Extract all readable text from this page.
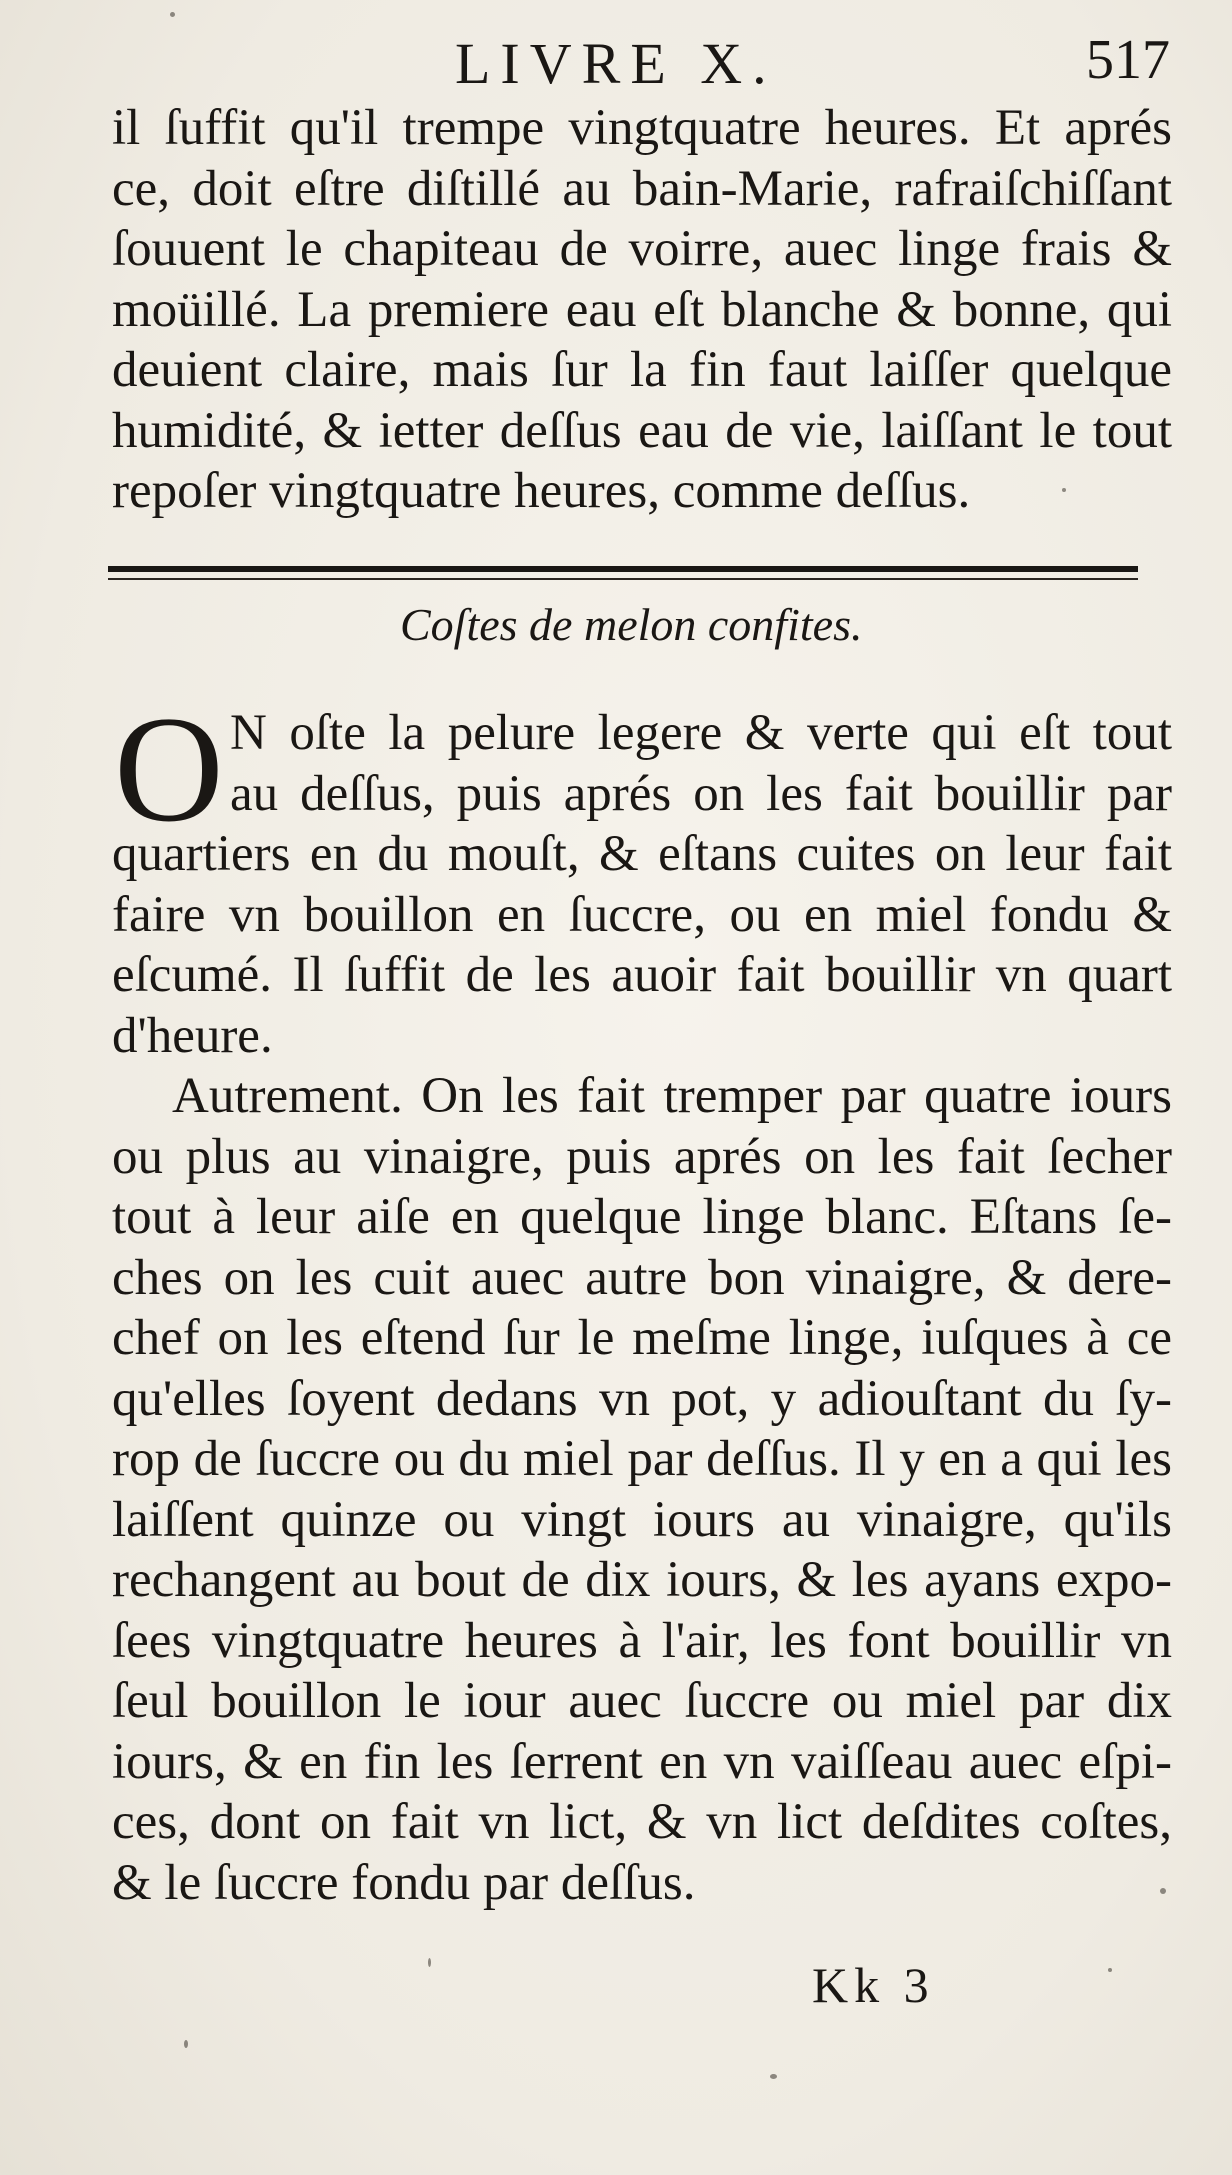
LIVRE X.	517
il ſuffit qu'il trempe vingtquatre heures. Et aprés
ce, doit eſtre diſtillé au bain-Marie, rafraiſchiſſant
ſouuent le chapiteau de voirre, auec linge frais &
moüillé. La premiere eau eſt blanche & bonne, qui
deuient claire, mais ſur la fin faut laiſſer quelque
humidité, & ietter deſſus eau de vie, laiſſant le tout
repoſer vingtquatre heures, comme deſſus.
Coſtes de melon confites.
O N oſte la pelure legere & verte qui eſt tout
au deſſus, puis aprés on les fait bouillir par
quartiers en du mouſt, & eſtans cuites on leur fait
faire vn bouillon en ſuccre, ou en miel fondu &
eſcumé. Il ſuffit de les auoir fait bouillir vn quart
d'heure.
Autrement. On les fait tremper par quatre iours
ou plus au vinaigre, puis aprés on les fait ſecher
tout à leur aiſe en quelque linge blanc. Eſtans ſe-
ches on les cuit auec autre bon vinaigre, & dere-
chef on les eſtend ſur le meſme linge, iuſques à ce
qu'elles ſoyent dedans vn pot, y adiouſtant du ſy-
rop de ſuccre ou du miel par deſſus. Il y en a qui les
laiſſent quinze ou vingt iours au vinaigre, qu'ils
rechangent au bout de dix iours, & les ayans expo-
ſees vingtquatre heures à l'air, les font bouillir vn
ſeul bouillon le iour auec ſuccre ou miel par dix
iours, & en fin les ſerrent en vn vaiſſeau auec eſpi-
ces, dont on fait vn lict, & vn lict deſdites coſtes,
& le ſuccre fondu par deſſus.
Kk 3
